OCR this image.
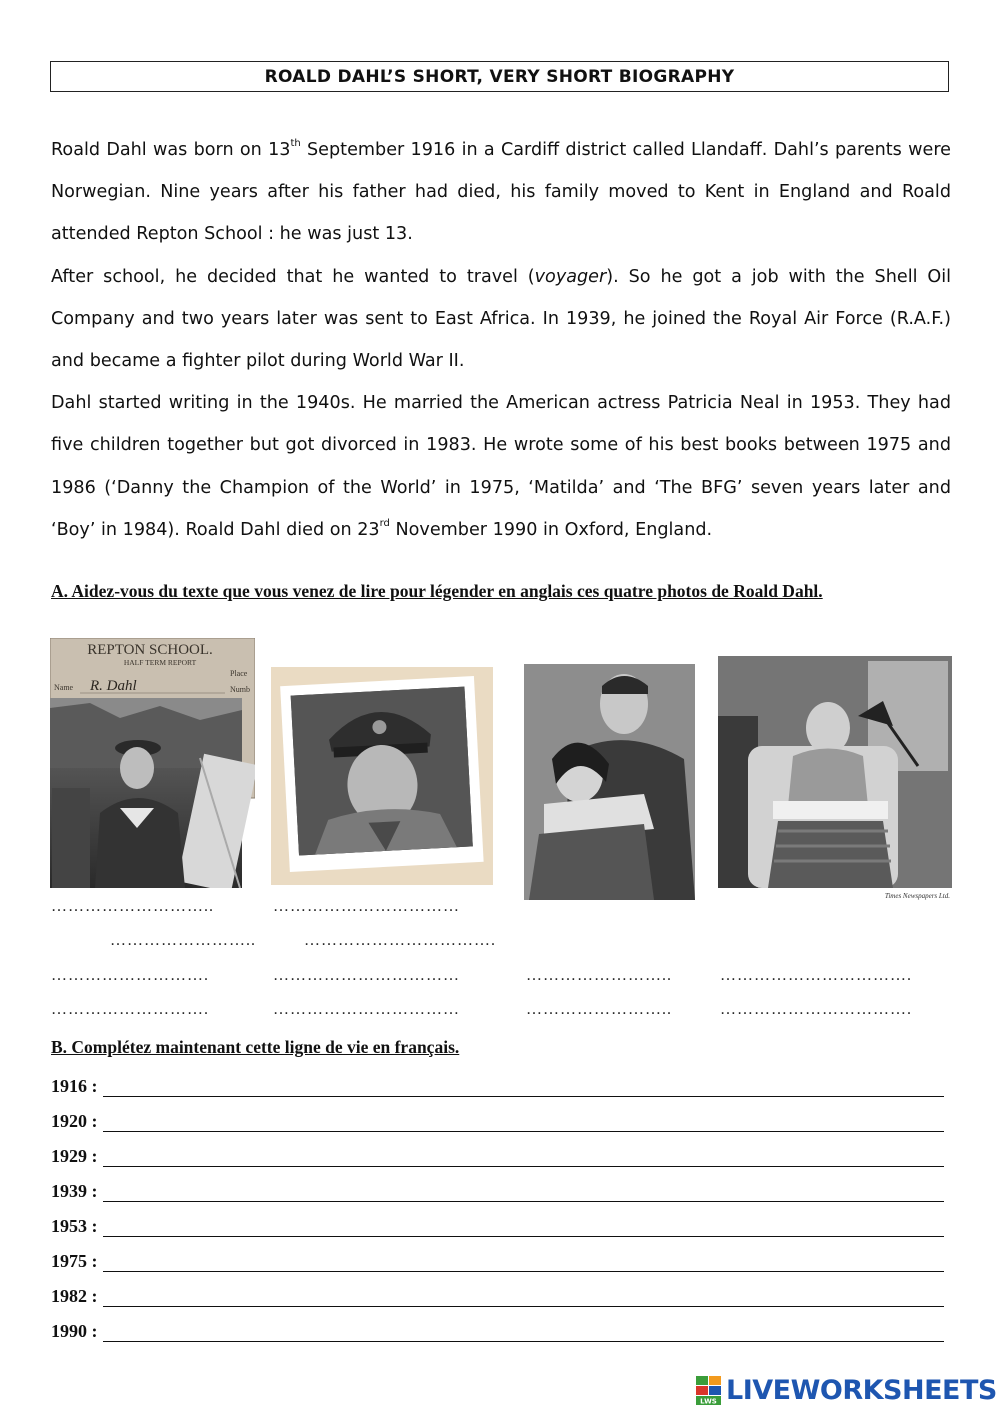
ROALD DAHL’S SHORT, VERY SHORT BIOGRAPHY

Roald Dahl was born on 13th September 1916 in a Cardiff district called Llandaff. Dahl’s parents were Norwegian. Nine years after his father had died, his family moved to Kent in England and Roald attended Repton School : he was just 13.

After school, he decided that he wanted to travel (voyager). So he got a job with the Shell Oil Company and two years later was sent to East Africa. In 1939, he joined the Royal Air Force (R.A.F.) and became a fighter pilot during World War II.

Dahl started writing in the 1940s. He married the American actress Patricia Neal in 1953. They had five children together but got divorced in 1983. He wrote some of his best books between 1975 and 1986 (‘Danny the Champion of the World’ in 1975, ‘Matilda’ and ‘The BFG’ seven years later and ‘Boy’ in 1984). Roald Dahl died on 23rd November 1990 in Oxford, England.

A. Aidez-vous du texte que vous venez de lire pour légender en anglais ces quatre photos de Roald Dahl.
REPTON SCHOOL.
HALF TERM REPORT
Name R. Dahl
Place
Numb
Times Newspapers Ltd.
………………………..	……………………………
……………………..	…………………………….
……………………….	……………………………	……………………..	…………………………….
……………………….	……………………………	……………………..	…………………………….
B. Complétez maintenant cette ligne de vie en français.
1916 :
1920 :
1929 :
1939 :
1953 :
1975 :
1982 :
1990 :
LWS LIVEWORKSHEETS
